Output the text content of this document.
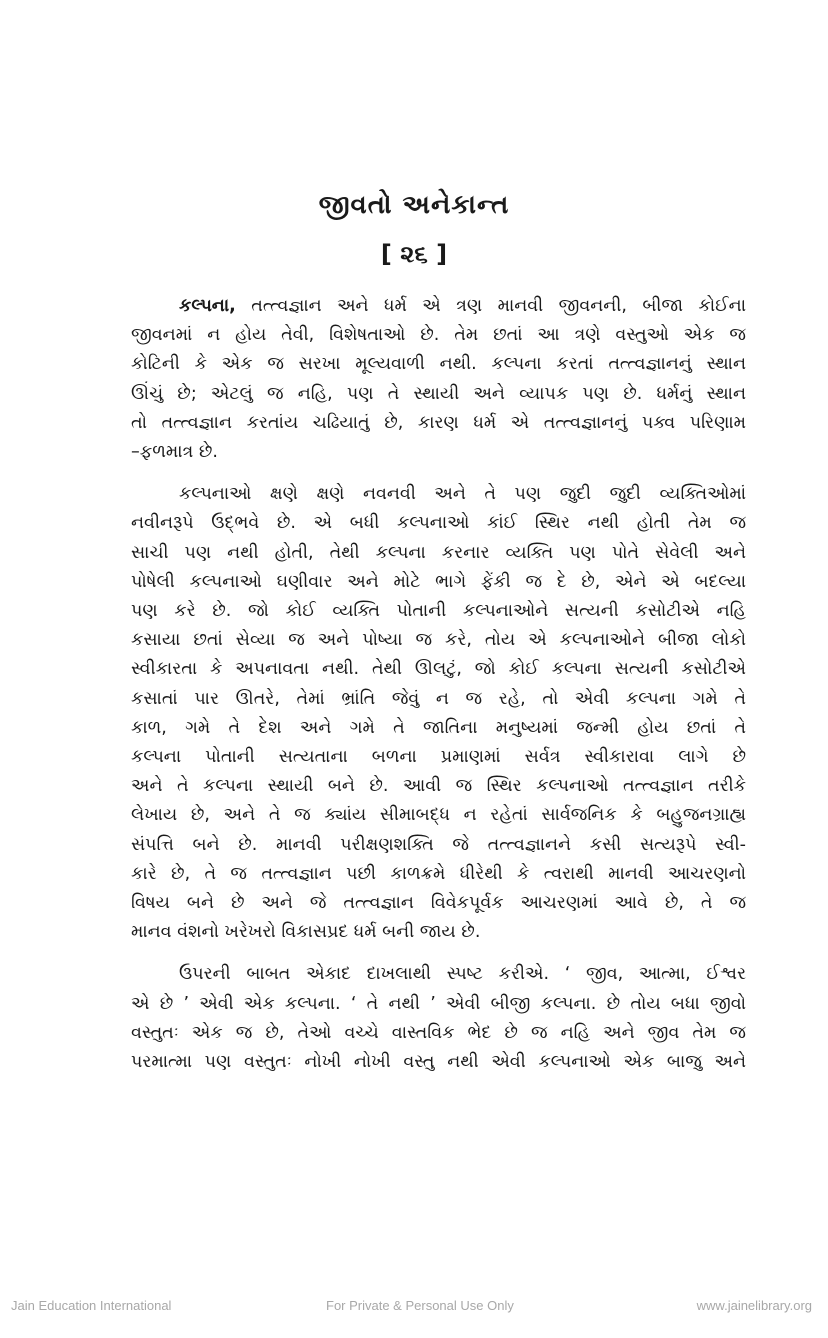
જીવતો અનેકાન્ત
[ ૨૬ ]
કલ્પના, તત્ત્વજ્ઞાન અને ધર્મ એ ત્રણ માનવી જીવનની, બીજા કોઈના
જીવનમાં ન હોય તેવી, વિશેષતાઓ છે. તેમ છતાં આ ત્રણે વસ્તુઓ એક જ
કોટિની કે એક જ સરખા મૂલ્યવાળી નથી. કલ્પના કરતાં તત્ત્વજ્ઞાનનું સ્થાન
ઊંચું છે; એટલું જ નહિ, પણ તે સ્થાયી અને વ્યાપક પણ છે. ધર્મનું સ્થાન
તો તત્ત્વજ્ઞાન કરતાંય ચઢિયાતું છે, કારણ ધર્મ એ તત્ત્વજ્ઞાનનું પક્વ પરિણામ
–ફળમાત્ર છે.
કલ્પનાઓ ક્ષણે ક્ષણે નવનવી અને તે પણ જુદી જુદી વ્યક્તિઓમાં
નવીનરૂપે ઉદ્ભવે છે. એ બધી કલ્પનાઓ કાંઈ સ્થિર નથી હોતી તેમ જ
સાચી પણ નથી હોતી, તેથી કલ્પના કરનાર વ્યક્તિ પણ પોતે સેવેલી અને
પોષેલી કલ્પનાઓ ઘણીવાર અને મોટે ભાગે ફેંકી જ દે છે, એને એ બદલ્યા
પણ કરે છે. જો કોઈ વ્યક્તિ પોતાની કલ્પનાઓને સત્યની કસોટીએ નહિ
કસાયા છતાં સેવ્યા જ અને પોષ્યા જ કરે, તોય એ કલ્પનાઓને બીજા લોકો
સ્વીકારતા કે અપનાવતા નથી. તેથી ઊલટું, જો કોઈ કલ્પના સત્યની કસોટીએ
કસાતાં પાર ઊતરે, તેમાં ભ્રાંતિ જેવું ન જ રહે, તો એવી કલ્પના ગમે તે
કાળ, ગમે તે દેશ અને ગમે તે જાતિના મનુષ્યમાં જન્મી હોય છતાં તે
કલ્પના પોતાની સત્યતાના બળના પ્રમાણમાં સર્વત્ર સ્વીકારાવા લાગે છે
અને તે કલ્પના સ્થાયી બને છે. આવી જ સ્થિર કલ્પનાઓ તત્ત્વજ્ઞાન તરીકે
લેખાય છે, અને તે જ ક્યાંય સીમાબદ્ધ ન રહેતાં સાર્વજનિક કે બહુજનગ્રાહ્ય
સંપત્તિ બને છે. માનવી પરીક્ષણશક્તિ જે તત્ત્વજ્ઞાનને કસી સત્યરૂપે સ્વી-
કારે છે, તે જ તત્ત્વજ્ઞાન પછી કાળક્રમે ધીરેથી કે ત્વરાથી માનવી આચરણનો
વિષય બને છે અને જે તત્ત્વજ્ઞાન વિવેકપૂર્વક આચરણમાં આવે છે, તે જ
માનવ વંશનો ખરેખરો વિકાસપ્રદ ધર્મ બની જાય છે.
ઉપરની બાબત એકાદ દાખલાથી સ્પષ્ટ કરીએ. ‘ જીવ, આત્મા, ઈશ્વર
એ છે ’ એવી એક કલ્પના. ‘ તે નથી ’ એવી બીજી કલ્પના. છે તોય બધા જીવો
વસ્તુતઃ એક જ છે, તેઓ વચ્ચે વાસ્તવિક ભેદ છે જ નહિ અને જીવ તેમ જ
પરમાત્મા પણ વસ્તુતઃ નોખી નોખી વસ્તુ નથી એવી કલ્પનાઓ એક બાજુ અને
Jain Education International	For Private & Personal Use Only	www.jainelibrary.org
